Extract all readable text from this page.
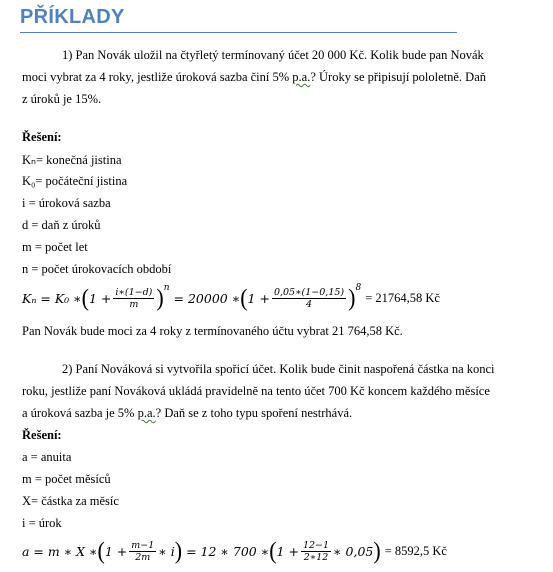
PŘÍKLADY
1) Pan Novák uložil na čtyřletý termínovaný účet 20 000 Kč. Kolik bude pan Novák
moci vybrat za 4 roky, jestliže úroková sazba činí 5% p.a.? Úroky se připisují pololetně. Daň
z úroků je 15%.
Řešení:
Kₙ= konečná jistina
K₀= počáteční jistina
i = úroková sazba
d = daň z úroků
m = počet let
n = počet úrokovacích období
Kₙ = K₀ ∗ ( $1 + \frac{i∗(1-d)}{m} )^n$
= 20000 ∗ ( $1 + \frac{0,05∗(1-0,15)}{4} )^8$
= 21764,58 Kč
Pan Novák bude moci za 4 roky z termínovaného účtu vybrat 21 764,58 Kč.
2) Paní Nováková si vytvořila spořicí účet. Kolik bude činit naspořená částka na konci
roku, jestliže paní Nováková ukládá pravidelně na tento účet 700 Kč koncem každého měsíce
a úroková sazba je 5% p.a.? Daň se z toho typu spoření nestrhává.
Řešení:
a = anuita
m = počet měsíců
X= částka za měsíc
i = úrok
a = m ∗ X ∗ ( $1 + \frac{m-1}{2m}$ ∗ i ) = 12 ∗ 700 ∗ ( $1 + \frac{12-1}{2∗12}$ ∗ 0,05 ) = 8592,5 Kč
